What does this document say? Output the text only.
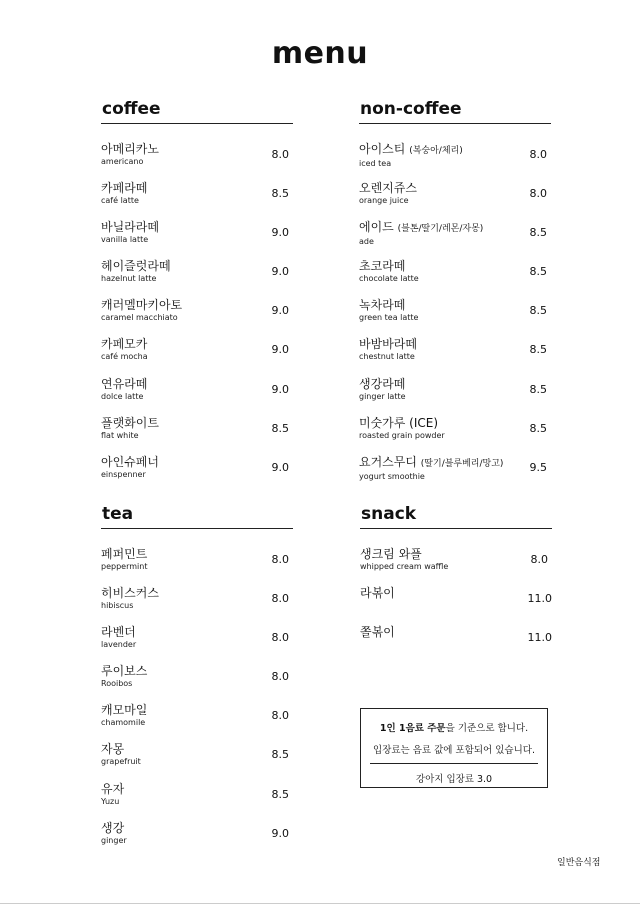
menu
coffee
아메리카노
americano
8.0
카페라떼
café latte
8.5
바닐라라떼
vanilla latte
9.0
헤이즐럿라떼
hazelnut latte
9.0
캐러멜마키아토
caramel macchiato
9.0
카페모카
café mocha
9.0
연유라떼
dolce latte
9.0
플랫화이트
flat white
8.5
아인슈페너
einspenner
9.0
non-coffee
아이스티 (복숭아/체리)
iced tea
8.0
오렌지쥬스
orange juice
8.0
에이드 (블톤/딸기/레몬/자몽)
ade
8.5
초코라떼
chocolate latte
8.5
녹차라떼
green tea latte
8.5
바밤바라떼
chestnut latte
8.5
생강라떼
ginger latte
8.5
미숫가루 (ICE)
roasted grain powder
8.5
요거스무디 (딸기/블루베리/망고)
yogurt smoothie
9.5
tea
페퍼민트
peppermint
8.0
히비스커스
hibiscus
8.0
라벤더
lavender
8.0
루이보스
Rooibos
8.0
캐모마일
chamomile
8.0
자몽
grapefruit
8.5
유자
Yuzu
8.5
생강
ginger
9.0
snack
생크림 와플
whipped cream waffle
8.0
라볶이	11.0
쫄볶이	11.0
1인 1음료 주문을 기준으로 합니다.
입장료는 음료 값에 포함되어 있습니다.
강아지 입장료 3.0
일반음식점
